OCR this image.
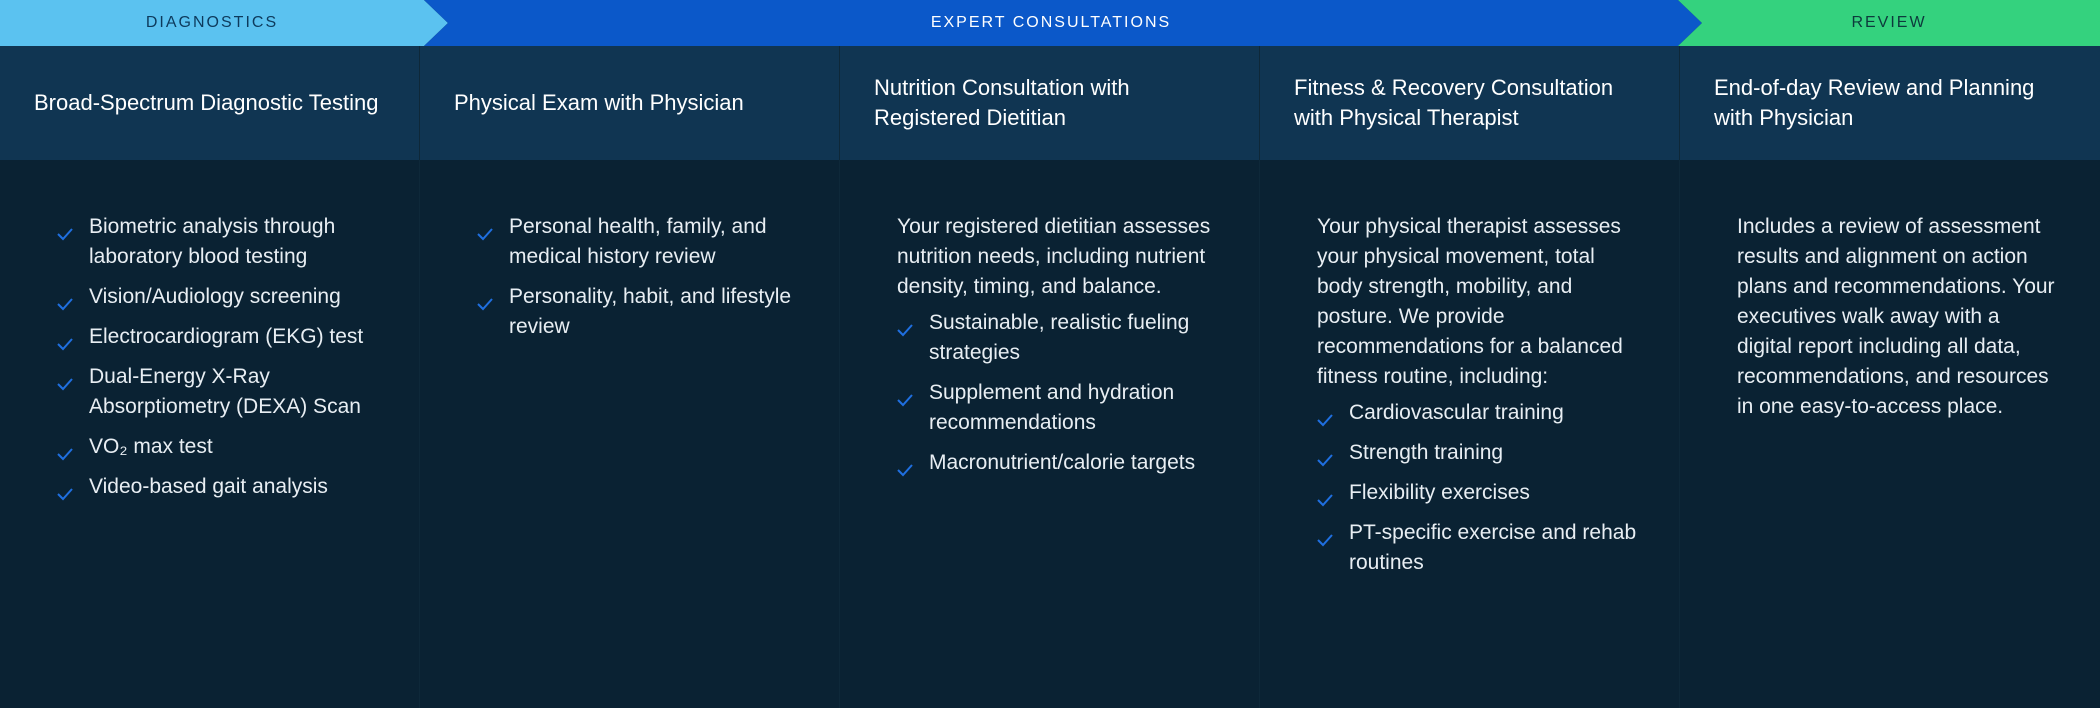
DIAGNOSTICS	EXPERT CONSULTATIONS	REVIEW
Broad-Spectrum Diagnostic Testing
Biometric analysis through laboratory blood testing
Vision/Audiology screening
Electrocardiogram (EKG) test
Dual-Energy X-Ray Absorptiometry (DEXA) Scan
VO₂ max test
Video-based gait analysis
Physical Exam with Physician
Personal health, family, and medical history review
Personality, habit, and lifestyle review
Nutrition Consultation with Registered Dietitian
Your registered dietitian assesses nutrition needs, including nutrient density, timing, and balance.
Sustainable, realistic fueling strategies
Supplement and hydration recommendations
Macronutrient/calorie targets
Fitness & Recovery Consultation with Physical Therapist
Your physical therapist assesses your physical movement, total body strength, mobility, and posture. We provide recommendations for a balanced fitness routine, including:
Cardiovascular training
Strength training
Flexibility exercises
PT-specific exercise and rehab routines
End-of-day Review and Planning with Physician
Includes a review of assessment results and alignment on action plans and recommendations. Your executives walk away with a digital report including all data, recommendations, and resources in one easy-to-access place.
